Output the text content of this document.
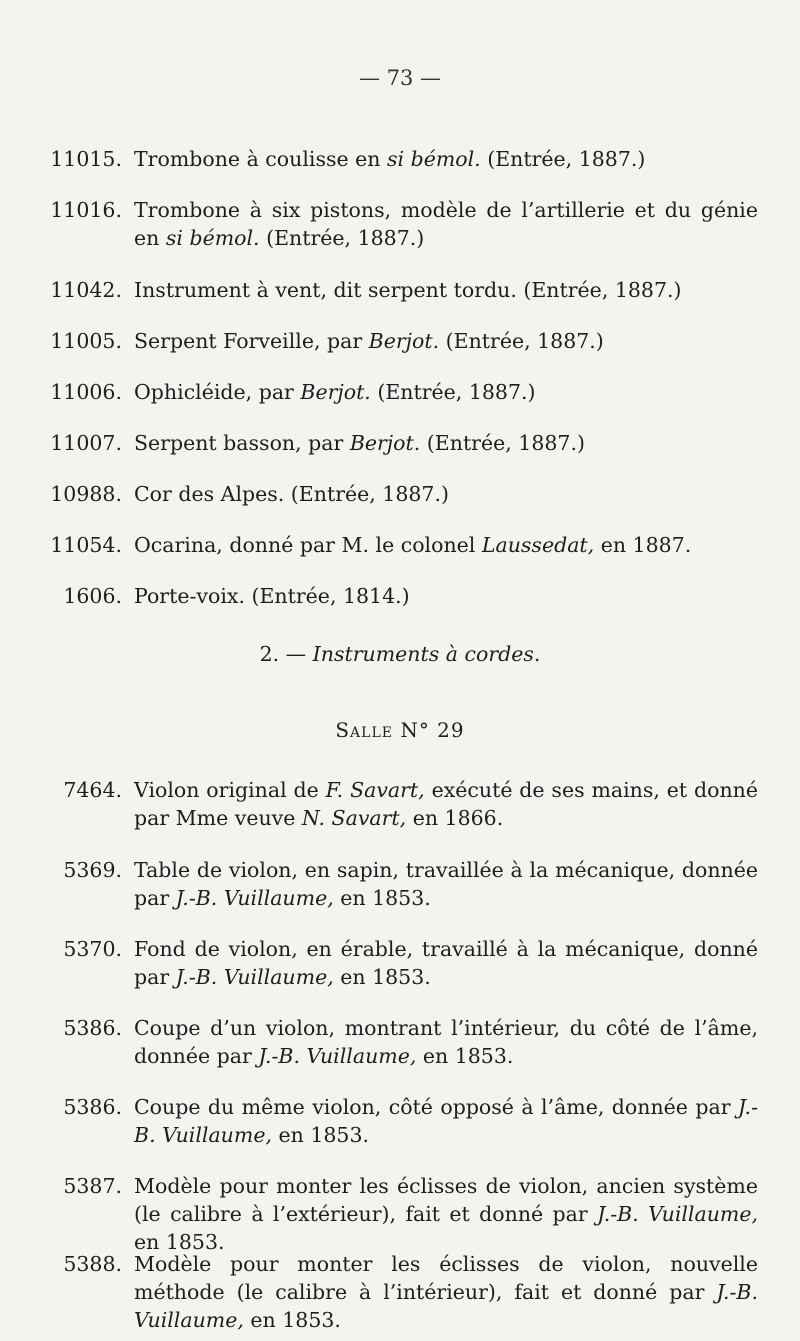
— 73 —
11015. Trombone à coulisse en si bémol. (Entrée, 1887.)
11016. Trombone à six pistons, modèle de l’artillerie et du génie en si bémol. (Entrée, 1887.)
11042. Instrument à vent, dit serpent tordu. (Entrée, 1887.)
11005. Serpent Forveille, par Berjot. (Entrée, 1887.)
11006. Ophicléide, par Berjot. (Entrée, 1887.)
11007. Serpent basson, par Berjot. (Entrée, 1887.)
10988. Cor des Alpes. (Entrée, 1887.)
11054. Ocarina, donné par M. le colonel Laussedat, en 1887.
1606. Porte-voix. (Entrée, 1814.)
2. — Instruments à cordes.
Salle N° 29
7464. Violon original de F. Savart, exécuté de ses mains, et donné par Mme veuve N. Savart, en 1866.
5369. Table de violon, en sapin, travaillée à la mécanique, donnée par J.-B. Vuillaume, en 1853.
5370. Fond de violon, en érable, travaillé à la mécanique, donné par J.-B. Vuillaume, en 1853.
5386. Coupe d’un violon, montrant l’intérieur, du côté de l’âme, donnée par J.-B. Vuillaume, en 1853.
5386. Coupe du même violon, côté opposé à l’âme, donnée par J.-B. Vuillaume, en 1853.
5387. Modèle pour monter les éclisses de violon, ancien système (le calibre à l’extérieur), fait et donné par J.-B. Vuillaume, en 1853.
5388. Modèle pour monter les éclisses de violon, nouvelle méthode (le calibre à l’intérieur), fait et donné par J.-B. Vuillaume, en 1853.
